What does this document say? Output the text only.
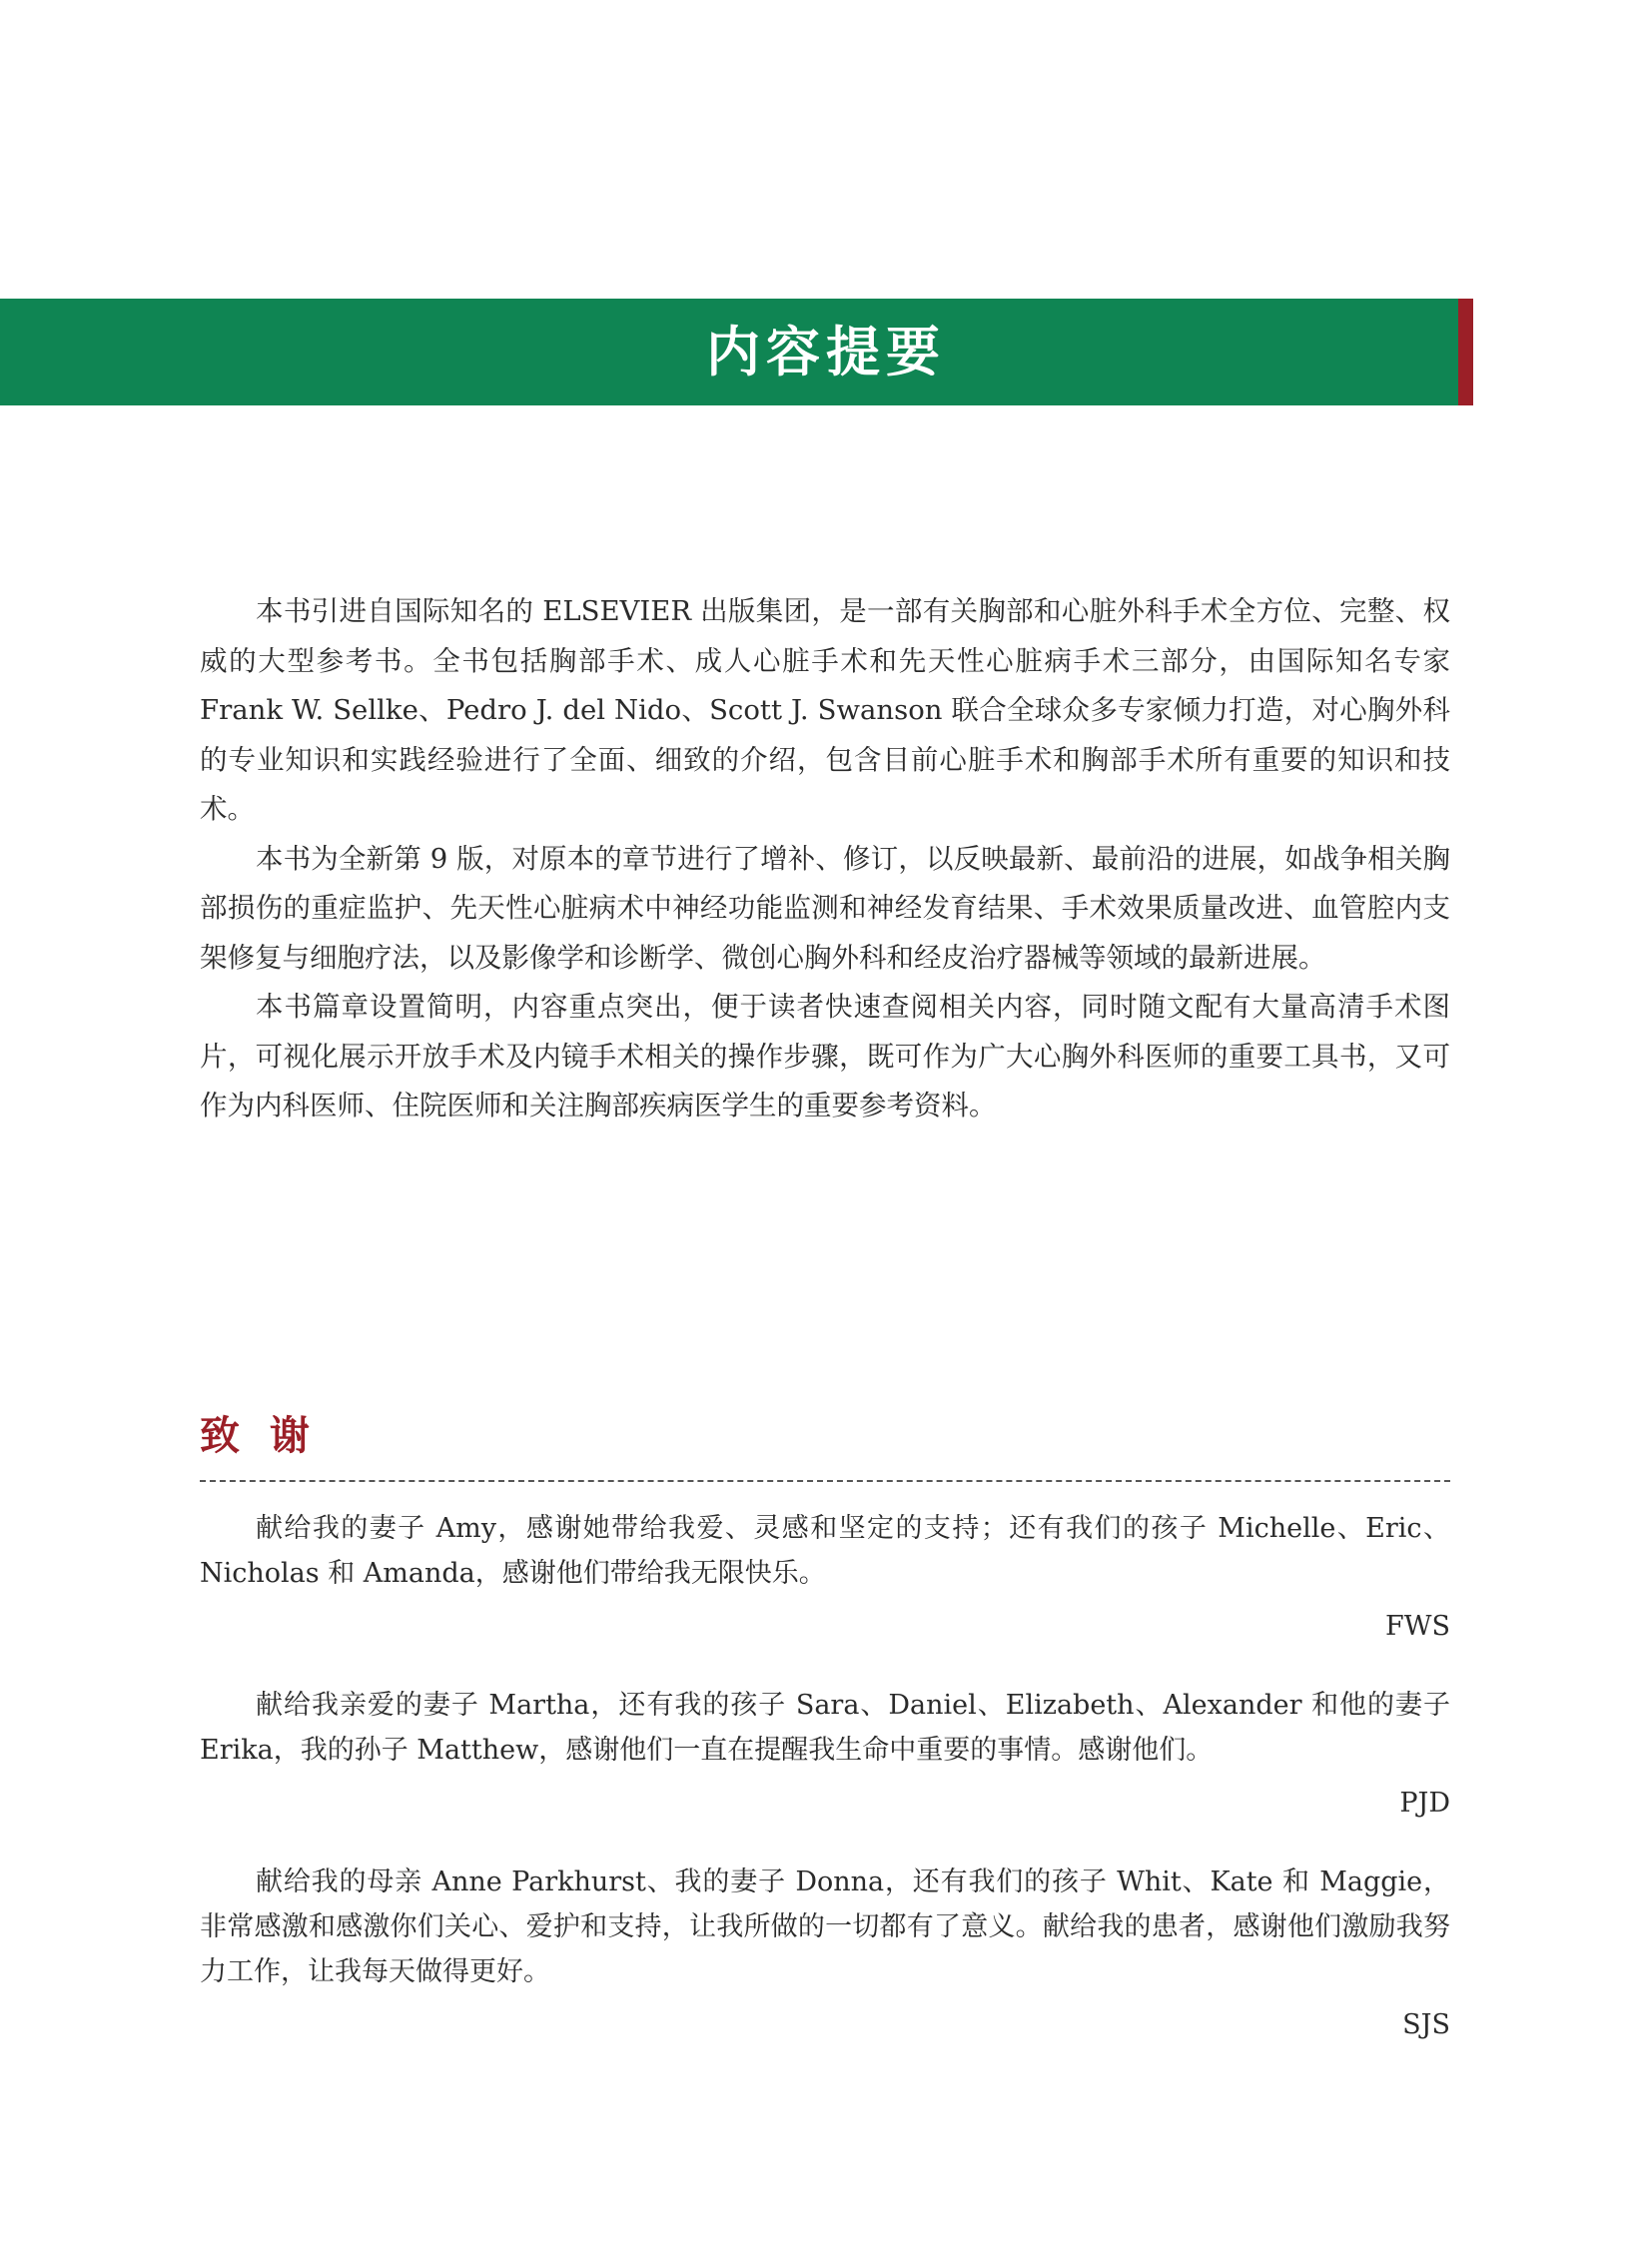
内容提要

本书引进自国际知名的 ELSEVIER 出版集团，是一部有关胸部和心脏外科手术全方位、完整、权威的大型参考书。全书包括胸部手术、成人心脏手术和先天性心脏病手术三部分，由国际知名专家 Frank W. Sellke、Pedro J. del Nido、Scott J. Swanson 联合全球众多专家倾力打造，对心胸外科的专业知识和实践经验进行了全面、细致的介绍，包含目前心脏手术和胸部手术所有重要的知识和技术。

本书为全新第 9 版，对原本的章节进行了增补、修订，以反映最新、最前沿的进展，如战争相关胸部损伤的重症监护、先天性心脏病术中神经功能监测和神经发育结果、手术效果质量改进、血管腔内支架修复与细胞疗法，以及影像学和诊断学、微创心胸外科和经皮治疗器械等领域的最新进展。

本书篇章设置简明，内容重点突出，便于读者快速查阅相关内容，同时随文配有大量高清手术图片，可视化展示开放手术及内镜手术相关的操作步骤，既可作为广大心胸外科医师的重要工具书，又可作为内科医师、住院医师和关注胸部疾病医学生的重要参考资料。

致 谢

献给我的妻子 Amy，感谢她带给我爱、灵感和坚定的支持；还有我们的孩子 Michelle、Eric、Nicholas 和 Amanda，感谢他们带给我无限快乐。

FWS

献给我亲爱的妻子 Martha，还有我的孩子 Sara、Daniel、Elizabeth、Alexander 和他的妻子 Erika，我的孙子 Matthew，感谢他们一直在提醒我生命中重要的事情。感谢他们。

PJD

献给我的母亲 Anne Parkhurst、我的妻子 Donna，还有我们的孩子 Whit、Kate 和 Maggie，非常感激和感激你们关心、爱护和支持，让我所做的一切都有了意义。献给我的患者，感谢他们激励我努力工作，让我每天做得更好。

SJS
